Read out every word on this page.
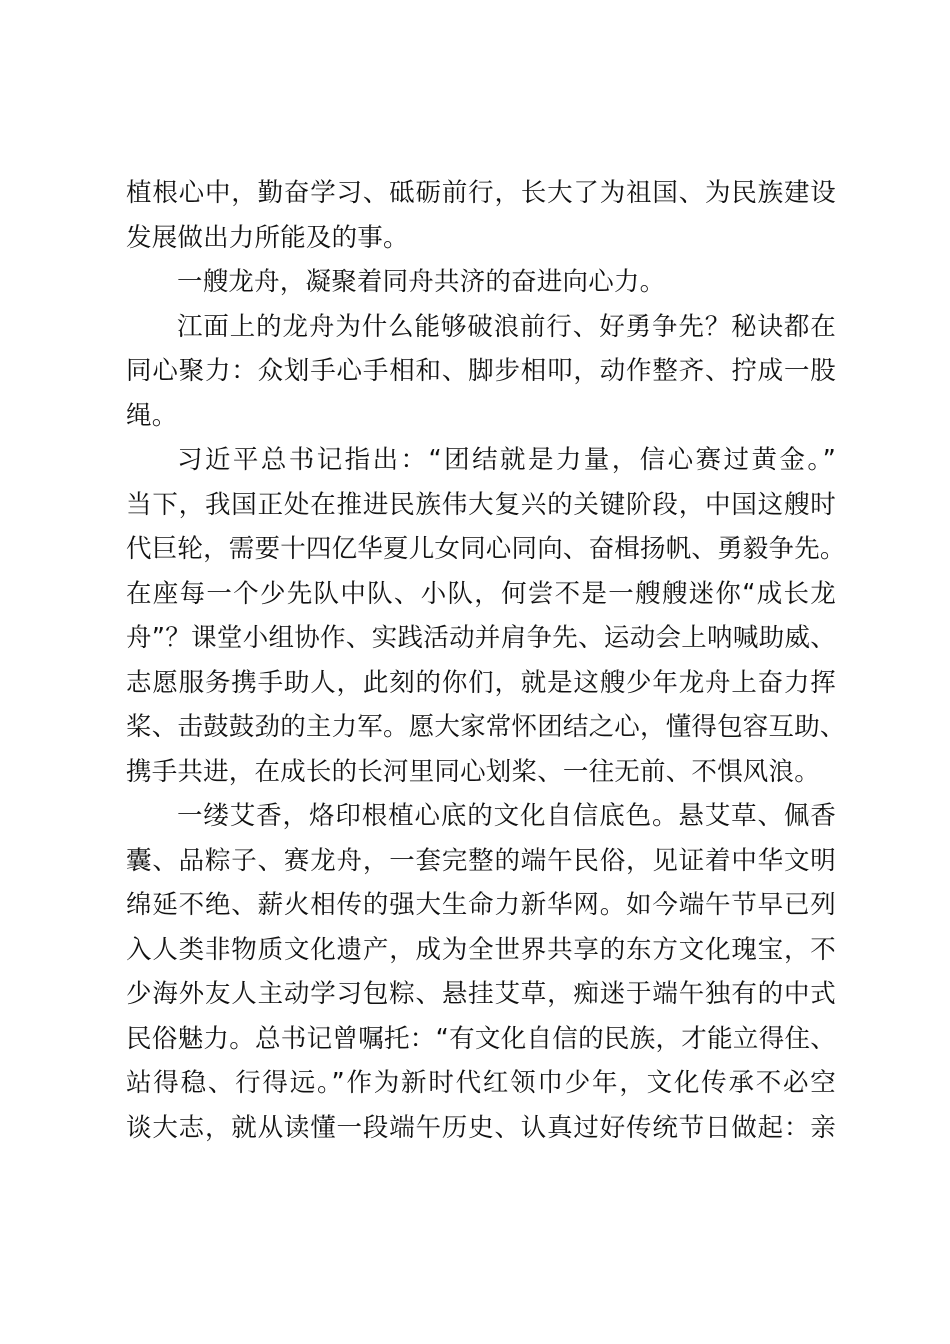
植根心中，勤奋学习、砥砺前行，长大了为祖国、为民族建设
发展做出力所能及的事。
一艘龙舟，凝聚着同舟共济的奋进向心力。
江面上的龙舟为什么能够破浪前行、好勇争先？秘诀都在
同心聚力：众划手心手相和、脚步相叩，动作整齐、拧成一股
绳。
习近平总书记指出：“团结就是力量，信心赛过黄金。”
当下，我国正处在推进民族伟大复兴的关键阶段，中国这艘时
代巨轮，需要十四亿华夏儿女同心同向、奋楫扬帆、勇毅争先。
在座每一个少先队中队、小队，何尝不是一艘艘迷你“成长龙
舟”？课堂小组协作、实践活动并肩争先、运动会上呐喊助威、
志愿服务携手助人，此刻的你们，就是这艘少年龙舟上奋力挥
桨、击鼓鼓劲的主力军。愿大家常怀团结之心，懂得包容互助、
携手共进，在成长的长河里同心划桨、一往无前、不惧风浪。
一缕艾香，烙印根植心底的文化自信底色。悬艾草、佩香
囊、品粽子、赛龙舟，一套完整的端午民俗，见证着中华文明
绵延不绝、薪火相传的强大生命力新华网。如今端午节早已列
入人类非物质文化遗产，成为全世界共享的东方文化瑰宝，不
少海外友人主动学习包粽、悬挂艾草，痴迷于端午独有的中式
民俗魅力。总书记曾嘱托：“有文化自信的民族，才能立得住、
站得稳、行得远。”作为新时代红领巾少年，文化传承不必空
谈大志，就从读懂一段端午历史、认真过好传统节日做起：亲
